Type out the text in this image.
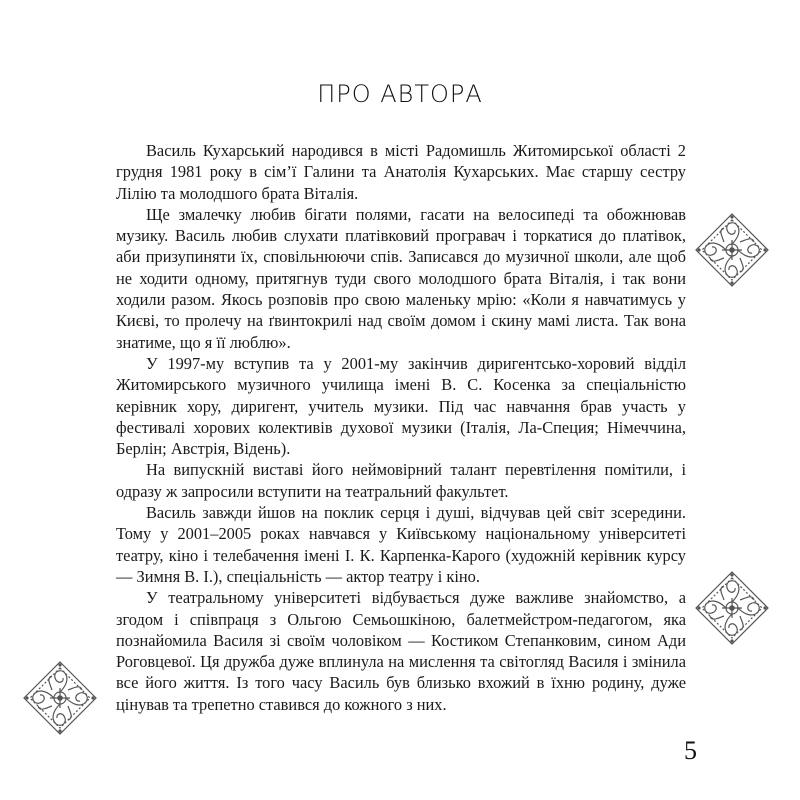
ПРО АВТОРА

Василь Кухарський народився в місті Радомишль Житомирської області 2 грудня 1981 року в сім’ї Галини та Анатолія Кухарських. Має старшу сестру Лілію та молодшого брата Віталія.

Ще змалечку любив бігати полями, гасати на велосипеді та обожнював музику. Василь любив слухати платівковий програвач і торкатися до платівок, аби призупиняти їх, сповільнюючи спів. Записався до музичної школи, але щоб не ходити одному, притягнув туди свого молодшого брата Віталія, і так вони ходили разом. Якось розповів про свою маленьку мрію: «Коли я навчатимусь у Києві, то пролечу на ґвинтокрилі над своїм домом і скину мамі листа. Так вона знатиме, що я її люблю».

У 1997-му вступив та у 2001-му закінчив диригентсько-хоровий відділ Житомирського музичного училища імені В. С. Косенка за спеціальністю керівник хору, диригент, учитель музики. Під час навчання брав участь у фестивалі хорових колективів духової музики (Італія, Ла-Специя; Німеччина, Берлін; Австрія, Відень).

На випускній виставі його неймовірний талант перевтілення помітили, і одразу ж запросили вступити на театральний факультет.

Василь завжди йшов на поклик серця і душі, відчував цей світ зсередини. Тому у 2001–2005 роках навчався у Київському національному університеті театру, кіно і телебачення імені І. К. Карпенка-Карого (художній керівник курсу — Зимня В. І.), спеціальність — актор театру і кіно.

У театральному університеті відбувається дуже важливе знайомство, а згодом і співпраця з Ольгою Семьошкіною, балетмейстром-педагогом, яка познайомила Василя зі своїм чоловіком — Костиком Степанковим, сином Ади Роговцевої. Ця дружба дуже вплинула на мислення та світогляд Василя і змінила все його життя. Із того часу Василь був близько вхожий в їхню родину, дуже цінував та трепетно ставився до кожного з них.

5
